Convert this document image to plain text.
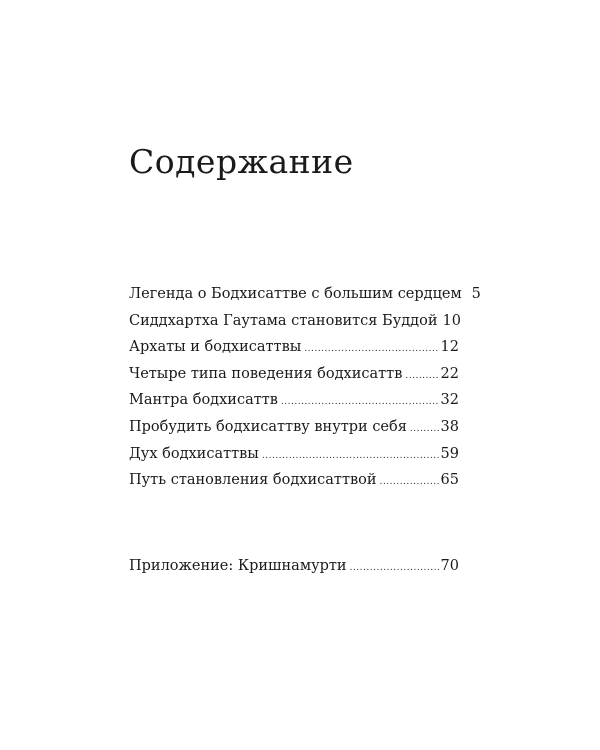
Содержание
Легенда о Бодхисаттве с большим сердцем 5
Сиддхартха Гаутама становится Буддой 10
Архаты и бодхисаттвы .....	12
Четыре типа поведения бодхисаттв .....	22
Мантра бодхисаттв .....	32
Пробудить бодхисаттву внутри себя ..... 38
Дух бодхисаттвы .....	59
Путь становления бодхисаттвой .....	65
Приложение: Кришнамурти .....	70
